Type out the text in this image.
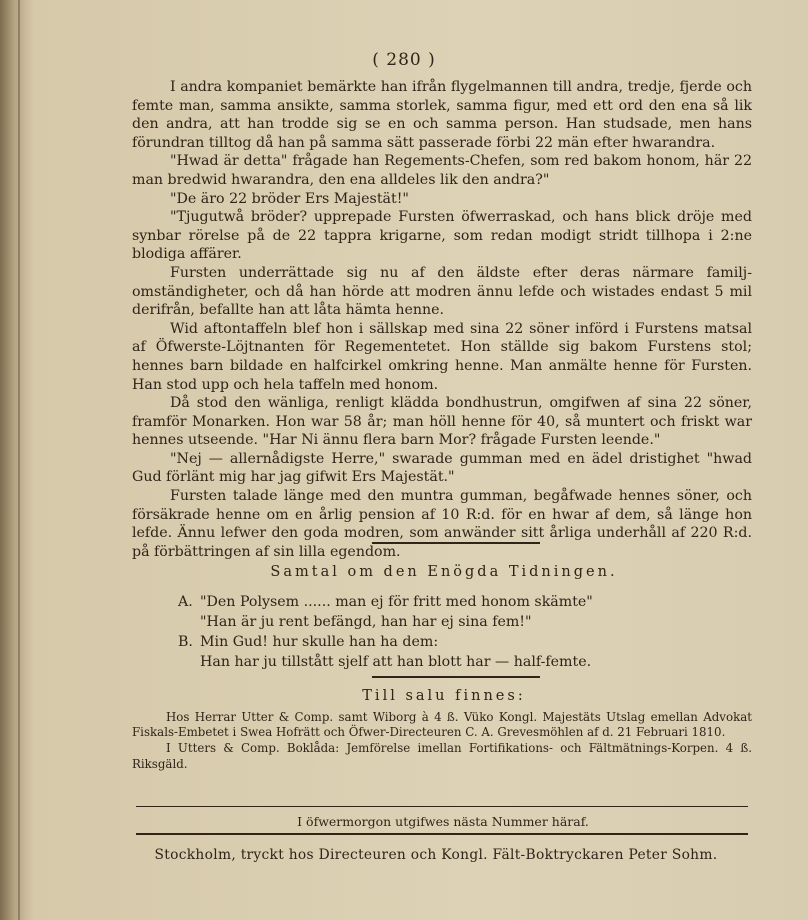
( 280 )

I andra kompaniet bemärkte han ifrån flygelmannen till andra, tredje, fjerde och femte man, samma ansikte, samma storlek, samma figur, med ett ord den ena så lik den andra, att han trodde sig se en och samma person. Han studsade, men hans förundran tilltog då han på samma sätt passerade förbi 22 män efter hwarandra.

"Hwad är detta" frågade han Regements-Chefen, som red bakom honom, här 22 man bredwid hwarandra, den ena alldeles lik den andra?"

"De äro 22 bröder Ers Majestät!"

"Tjugutwå bröder? upprepade Fursten öfwerraskad, och hans blick dröje med synbar rörelse på de 22 tappra krigarne, som redan modigt stridt tillhopa i 2:ne blodiga affärer.

Fursten underrättade sig nu af den äldste efter deras närmare familj-omständigheter, och då han hörde att modren ännu lefde och wistades endast 5 mil derifrån, befallte han att låta hämta henne.

Wid aftontaffeln blef hon i sällskap med sina 22 söner införd i Furstens matsal af Öfwerste-Löjtnanten för Regementetet. Hon ställde sig bakom Furstens stol; hennes barn bildade en halfcirkel omkring henne. Man anmälte henne för Fursten. Han stod upp och hela taffeln med honom.

Då stod den wänliga, renligt klädda bondhustrun, omgifwen af sina 22 söner, framför Monarken. Hon war 58 år; man höll henne för 40, så muntert och friskt war hennes utseende. "Har Ni ännu flera barn Mor? frågade Fursten leende."

"Nej — allernådigste Herre," swarade gumman med en ädel dristighet "hwad Gud förlänt mig har jag gifwit Ers Majestät."

Fursten talade länge med den muntra gumman, begåfwade hennes söner, och försäkrade henne om en årlig pension af 10 R:d. för en hwar af dem, så länge hon lefde. Ännu lefwer den goda modren, som anwänder sitt årliga underhåll af 220 R:d. på förbättringen af sin lilla egendom.

Samtal om den Enögda Tidningen.
A. "Den Polysem ...... man ej för fritt med honom skämte"
"Han är ju rent befängd, han har ej sina fem!"
B. Min Gud! hur skulle han ha dem:
Han har ju tillstått sjelf att han blott har — half-femte.
Till salu finnes:

Hos Herrar Utter & Comp. samt Wiborg à 4 ß. Vüko Kongl. Majestäts Utslag emellan Advokat Fiskals-Embetet i Swea Hofrätt och Öfwer-Directeuren C. A. Grevesmöhlen af d. 21 Februari 1810.

I Utters & Comp. Boklåda: Jemförelse imellan Fortifikations- och Fältmätnings-Korpen. 4 ß. Riksgäld.

I öfwermorgon utgifwes nästa Nummer häraf.
Stockholm, tryckt hos Directeuren och Kongl. Fält-Boktryckaren Peter Sohm.
